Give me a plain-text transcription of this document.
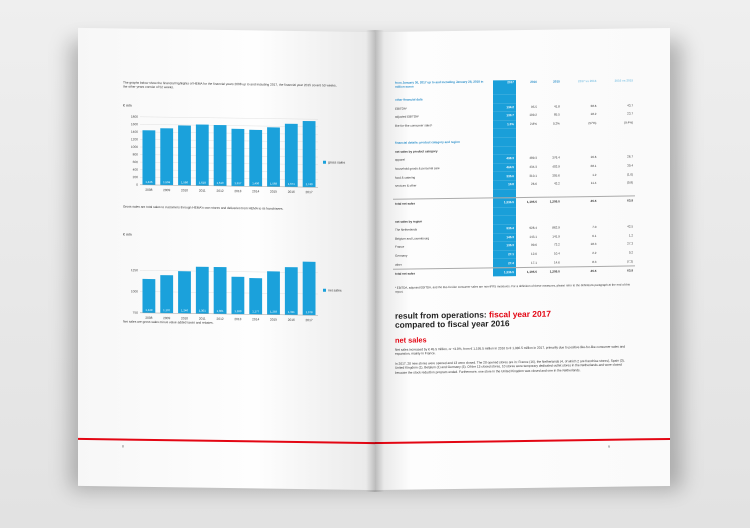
The graphs below show the financial highlights of HEMA for the financial years 2008 up to and including 2017, the financial year 2015 covers 53 weeks, the other years consist of 52 weeks.
€ mln
0
200
400
600
800
1000
1200
1400
1600
1800
1,446
2008
1,504
2009
1,586
2010
1,618
2011
1,610
2012
1,517
2013
1,496
2014
1,569
2015
1,671
2016
1,749
2017
gross sales
Gross sales are total sales to customers through HEMA's own stores and deliveries from HEMA to its franchisees.
€ mln
750
1000
1250
1,149
2008
1,197
2009
1,246
2010
1,301
2011
1,301
2012
1,189
2013
1,177
2014
1,259
2015
1,311
2016
1,378
2017
net sales
Net sales are gross sales minus value added taxes and rebates.
8
from January 30, 2017 up to and including January 28, 2018 in million euros	2017	2016	2015	2017 vs 2016	2016 vs 2015
other financial data					
EBITDA¹	134.2	95.5	41.8	38.6	43.7
adjusted EBITDA¹	133.7	109.2	85.5	18.2	23.7
like-for-like consumer sales¹	1.3%	2.8%	0.2%	(57%)	(9.4%)

financial details: product category and region					
net sales by product category					
apparel	498.3	489.3	376.4	16.6	26.7
household goods & personal care	464.5	434.3	403.9	28.1	30.4
food & catering	335.6	310.1	305.6	1.2	(1.0)
services & other	10.8	26.6	43.2	11.4	(0.8)

total net sales	1,336.5	1,195.5	1,209.0	45.5	63.9

net sales by region					
The Netherlands	935.4	928.4	862.9	7.0	42.5
Belgium and Luxembourg	145.3	143.1	141.9	0.1	1.2
France	135.3	99.6	73.2	18.3	27.3
Germany	27.1	12.0	10.4	2.2	0.2
other	27.4	17.1	14.6	8.3	(7.3)
total net sales	1,336.5	1,195.5	1,209.0	45.5	63.9
¹ EBITDA, adjusted EBITDA, and the like-for-like consumer sales are non-IFRS measures. For a definition of these measures, please refer to the definitions paragraph at the end of this report.
result from operations: fiscal year 2017
compared to fiscal year 2016
net sales
Net sales increased by € 45.5 million, or +3.8%, from € 1,195.5 million in 2016 to € 1,336.5 million in 2017, primarily due to positive like-for-like consumer sales and expansion, mainly in France.
In 2017, 28 new stores were opened and 13 were closed. The 28 opened stores are in: France (16), the Netherlands (4, of which 2 are franchise stores), Spain (3), United Kingdom (1), Belgium (1) and Germany (3). Of the 13 closed stores, 10 stores were temporary dedicated outlet stores in the Netherlands and were closed because the stock reduction program ended. Furthermore, one store in the United Kingdom was closed and one in the Netherlands.
9
